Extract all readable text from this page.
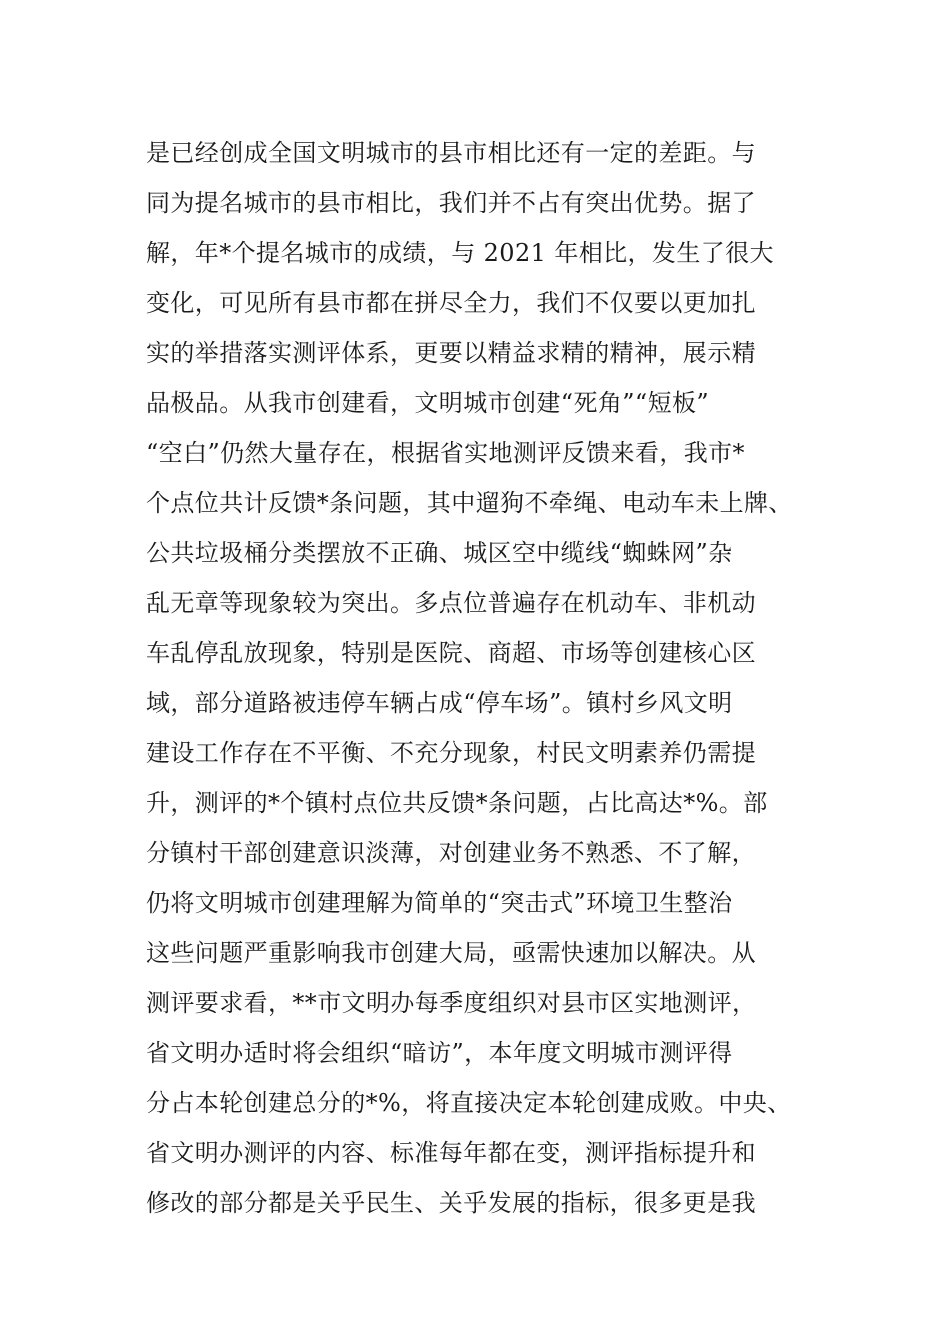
是已经创成全国文明城市的县市相比还有一定的差距。与
同为提名城市的县市相比，我们并不占有突出优势。据了
解，年*个提名城市的成绩，与 2021 年相比，发生了很大
变化，可见所有县市都在拼尽全力，我们不仅要以更加扎
实的举措落实测评体系，更要以精益求精的精神，展示精
品极品。从我市创建看，文明城市创建“死角”“短板”
“空白”仍然大量存在，根据省实地测评反馈来看，我市*
个点位共计反馈*条问题，其中遛狗不牵绳、电动车未上牌、
公共垃圾桶分类摆放不正确、城区空中缆线“蜘蛛网”杂
乱无章等现象较为突出。多点位普遍存在机动车、非机动
车乱停乱放现象，特别是医院、商超、市场等创建核心区
域，部分道路被违停车辆占成“停车场”。镇村乡风文明
建设工作存在不平衡、不充分现象，村民文明素养仍需提
升，测评的*个镇村点位共反馈*条问题，占比高达*%。部
分镇村干部创建意识淡薄，对创建业务不熟悉、不了解，
仍将文明城市创建理解为简单的“突击式”环境卫生整治
这些问题严重影响我市创建大局，亟需快速加以解决。从
测评要求看，**市文明办每季度组织对县市区实地测评，
省文明办适时将会组织“暗访”，本年度文明城市测评得
分占本轮创建总分的*%，将直接决定本轮创建成败。中央、
省文明办测评的内容、标准每年都在变，测评指标提升和
修改的部分都是关乎民生、关乎发展的指标，很多更是我
